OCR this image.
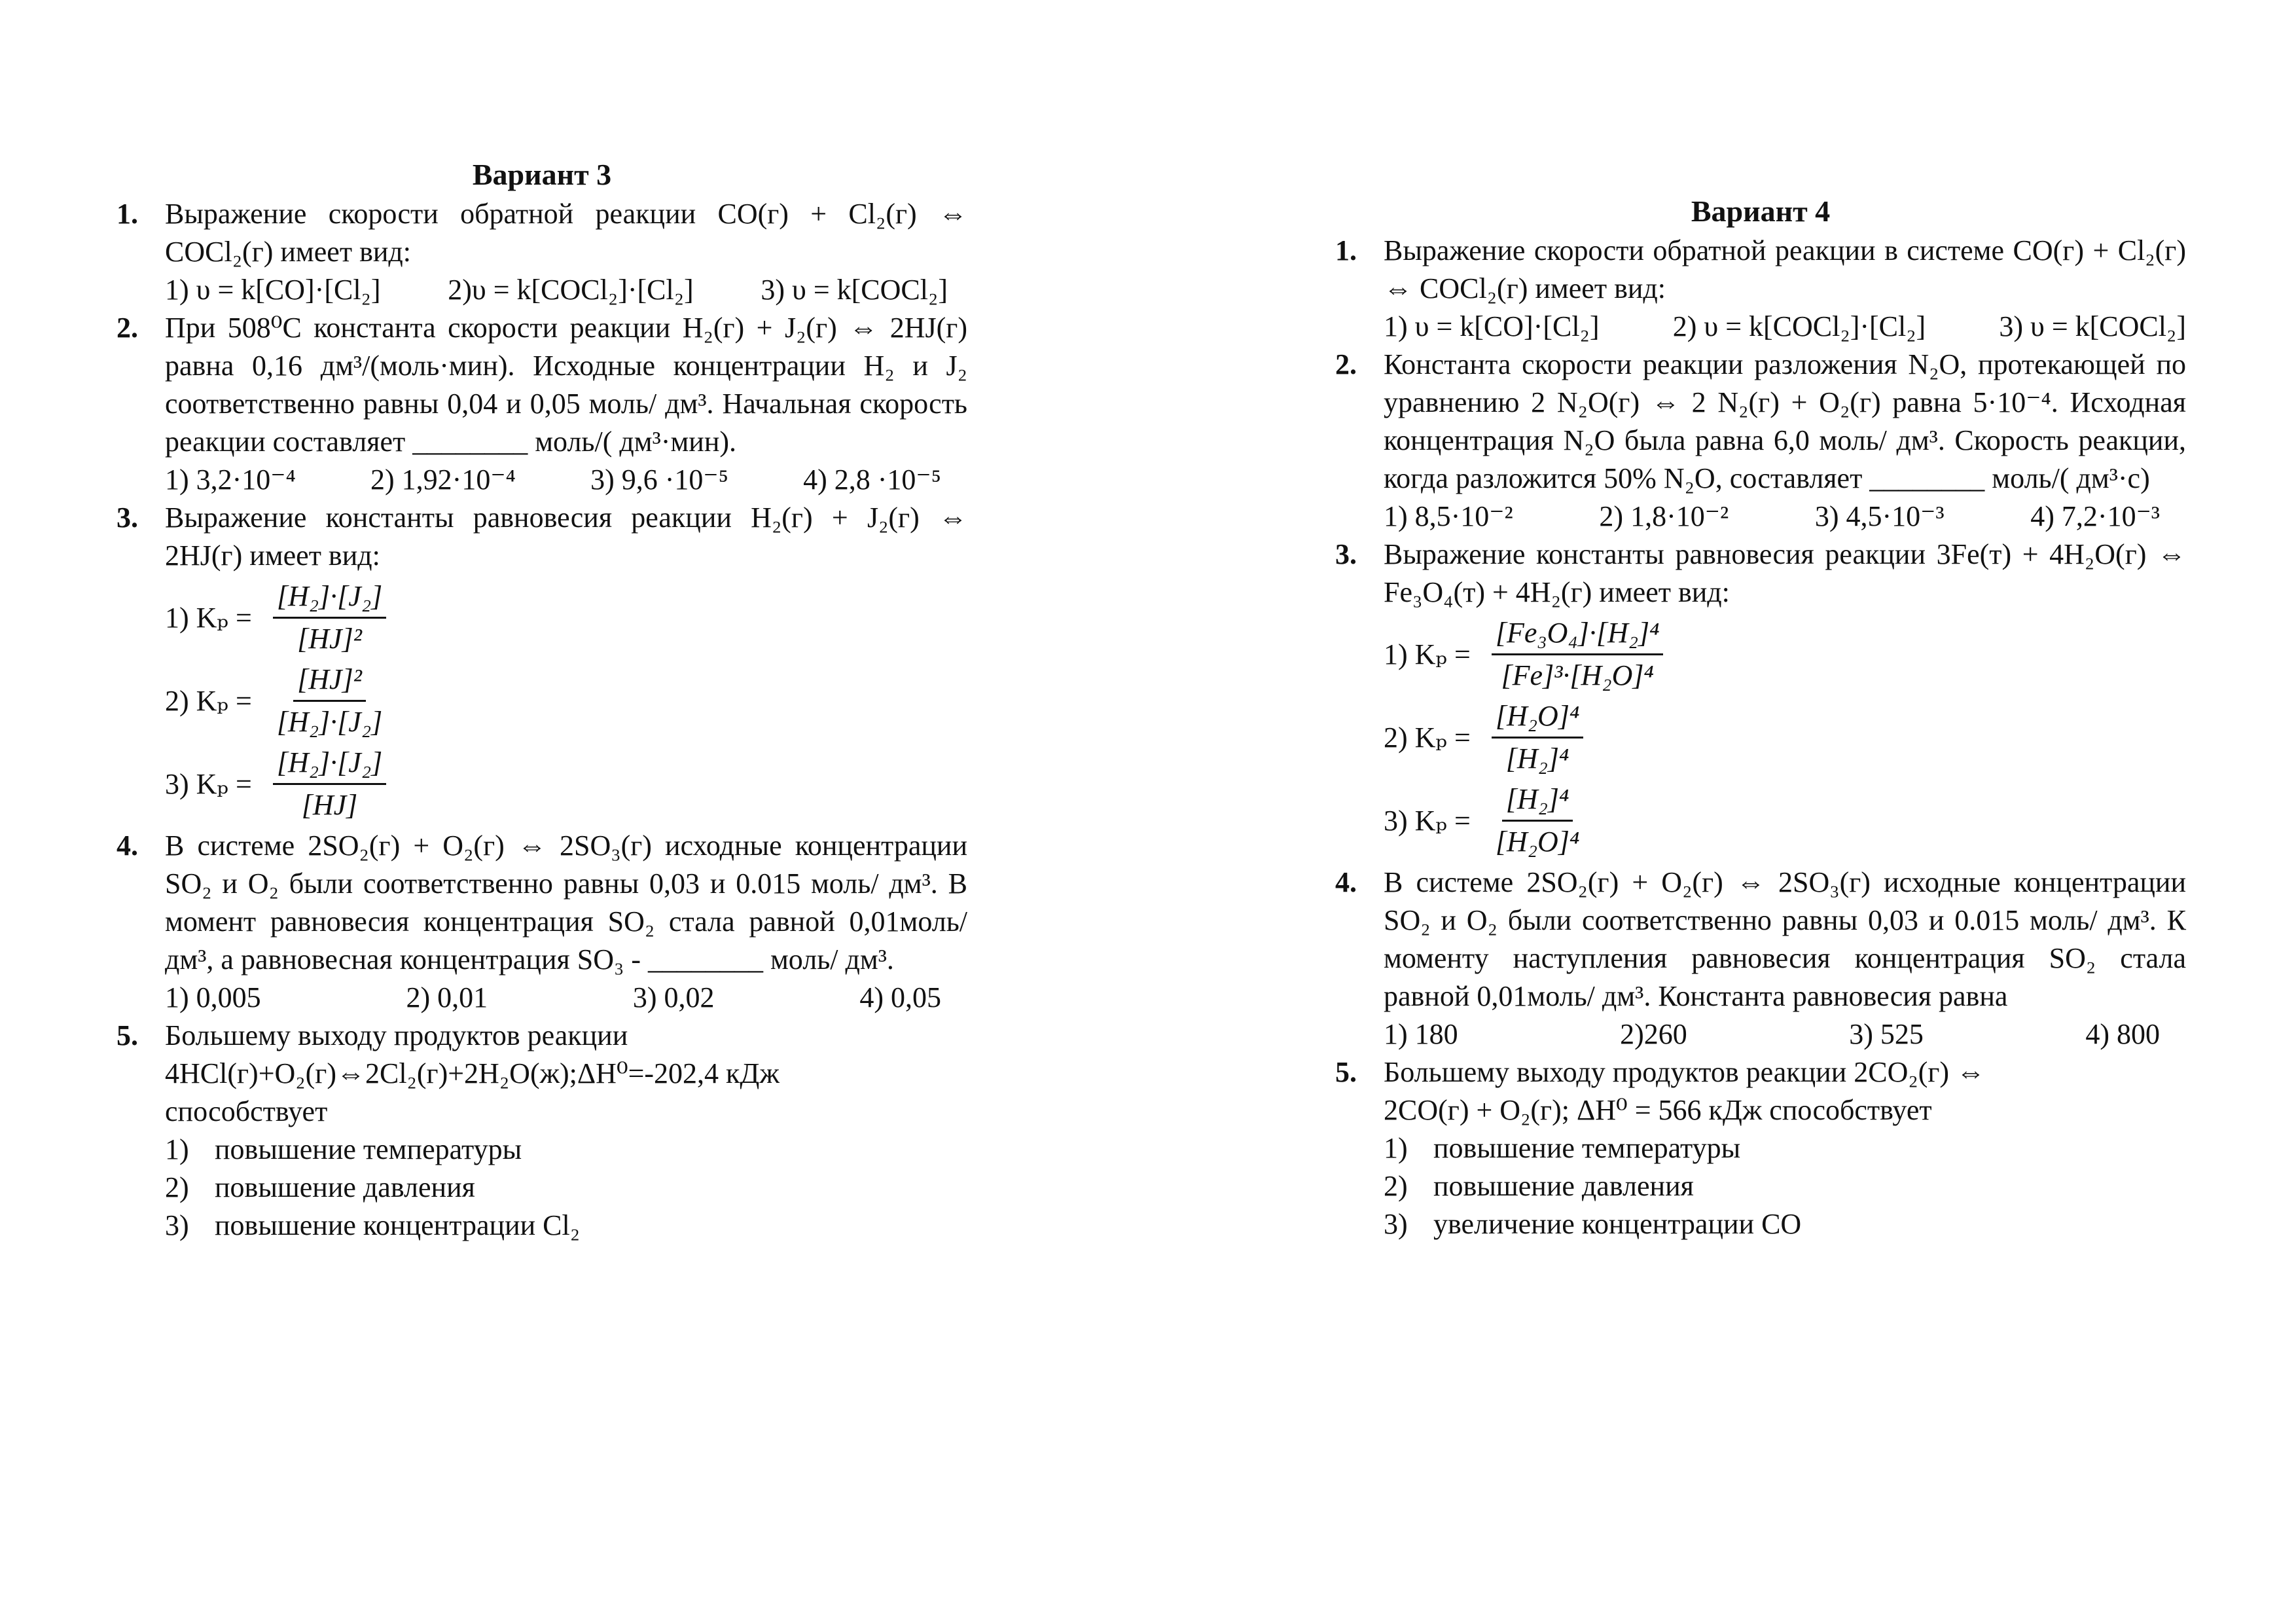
Вариант 3
1. Выражение скорости обратной реакции CO(г) + Cl₂(г) ⇔ COCl₂(г) имеет вид:
1) υ = k[CO]·[Cl₂] 2)υ = k[COCl₂]·[Cl₂] 3) υ = k[COCl₂]
2. При 508⁰C константа скорости реакции H₂(г) + J₂(г) ⇔ 2HJ(г) равна 0,16 дм³/(моль·мин). Исходные концентрации H₂ и J₂ соответственно равны 0,04 и 0,05 моль/ дм³. Начальная скорость реакции составляет ________ моль/( дм³·мин).
1) 3,2·10⁻⁴	2) 1,92·10⁻⁴	3) 9,6 ·10⁻⁵	4) 2,8 ·10⁻⁵
3. Выражение константы равновесия реакции H₂(г) + J₂(г) ⇔ 2HJ(г) имеет вид:
1)
$K_p = \frac{\text{[H₂]·[J₂]}}{\text{[HJ]²}}$
2)
$K_p = \frac{\text{[HJ]²}}{\text{[H₂]·[J₂]}}$
3)
$K_p = \frac{\text{[H₂]·[J₂]}}{[HJ]}$
4. В системе 2SO₂(г) + O₂(г) ⇔ 2SO₃(г) исходные концентрации SO₂ и O₂ были соответственно равны 0,03 и 0.015 моль/ дм³. В момент равновесия концентрация SO₂ стала равной 0,01моль/ дм³, а равновесная концентрация SO₃ - ________ моль/ дм³.
1) 0,005	2) 0,01	3) 0,02	4) 0,05
5. Большему выходу продуктов реакции
4HCl(г)+O₂(г)⇔2Cl₂(г)+2H₂O(ж);ΔH⁰=-202,4 кДж
способствует
1) повышение температуры
2) повышение давления
3) повышение концентрации Cl₂
Вариант 4
1. Выражение скорости обратной реакции в системе CO(г) + Cl₂(г) ⇔ COCl₂(г) имеет вид:
1) υ = k[CO]·[Cl₂]	2) υ = k[COCl₂]·[Cl₂]	3) υ = k[COCl₂]
2. Константа скорости реакции разложения N₂O, протекающей по уравнению 2 N₂O(г) ⇔ 2 N₂(г) + O₂(г) равна 5·10⁻⁴. Исходная концентрация N₂O была равна 6,0 моль/ дм³. Скорость реакции, когда разложится 50% N₂O, составляет ________ моль/( дм³·с)
1) 8,5·10⁻²	2) 1,8·10⁻²	3) 4,5·10⁻³	4) 7,2·10⁻³
3. Выражение константы равновесия реакции 3Fe(т) + 4H₂O(г) ⇔ Fe₃O₄(т) + 4H₂(г) имеет вид:
1)
$K_p = \frac{\text{[Fe₃O₄]·[H₂]⁴}}{\text{[Fe]³·[H₂O]⁴}}$
2)
$K_p = \frac{\text{[H₂O]⁴}}{\text{[H₂]⁴}}$
3)
$K_p = \frac{\text{[H₂]⁴}}{\text{[H₂O]⁴}}$
4. В системе 2SO₂(г) + O₂(г) ⇔ 2SO₃(г) исходные концентрации SO₂ и O₂ были соответственно равны 0,03 и 0.015 моль/ дм³. К моменту наступления равновесия концентрация SO₂ стала равной 0,01моль/ дм³. Константа равновесия равна
1) 180	2)260	3) 525	4) 800
5. Большему выходу продуктов реакции 2CO₂(г) ⇔
2CO(г) + O₂(г); ΔH⁰ = 566 кДж способствует
1) повышение температуры
2) повышение давления
3) увеличение концентрации CO
